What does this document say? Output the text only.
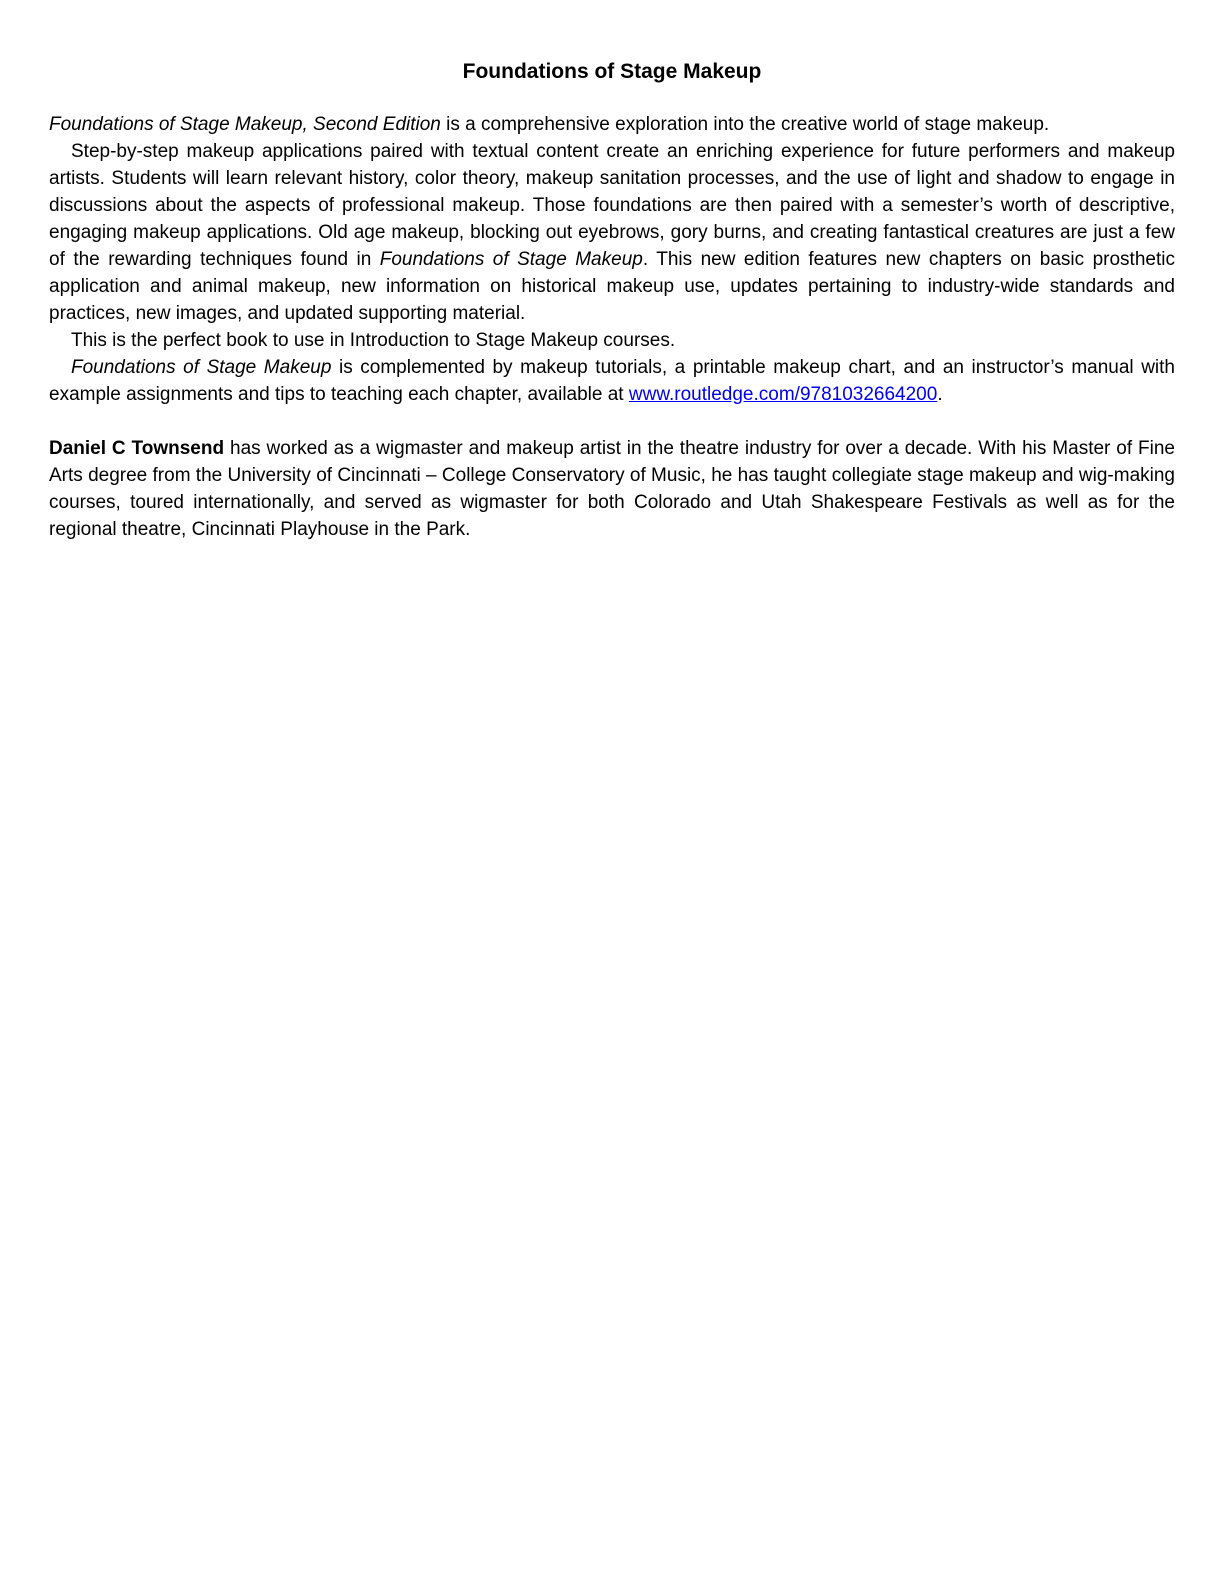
Foundations of Stage Makeup

Foundations of Stage Makeup, Second Edition is a comprehensive exploration into the creative world of stage makeup.

Step-by-step makeup applications paired with textual content create an enriching experience for future performers and makeup artists. Students will learn relevant history, color theory, makeup sanitation processes, and the use of light and shadow to engage in discussions about the aspects of professional makeup. Those foundations are then paired with a semester’s worth of descriptive, engaging makeup applications. Old age makeup, blocking out eyebrows, gory burns, and creating fantastical creatures are just a few of the rewarding techniques found in Foundations of Stage Makeup. This new edition features new chapters on basic prosthetic application and animal makeup, new information on historical makeup use, updates pertaining to industry-wide standards and practices, new images, and updated supporting material.

This is the perfect book to use in Introduction to Stage Makeup courses.

Foundations of Stage Makeup is complemented by makeup tutorials, a printable makeup chart, and an instructor’s manual with example assignments and tips to teaching each chapter, available at www.routledge.com/9781032664200.

Daniel C Townsend has worked as a wigmaster and makeup artist in the theatre industry for over a decade. With his Master of Fine Arts degree from the University of Cincinnati – College Conservatory of Music, he has taught collegiate stage makeup and wig-making courses, toured internationally, and served as wigmaster for both Colorado and Utah Shakespeare Festivals as well as for the regional theatre, Cincinnati Playhouse in the Park.
